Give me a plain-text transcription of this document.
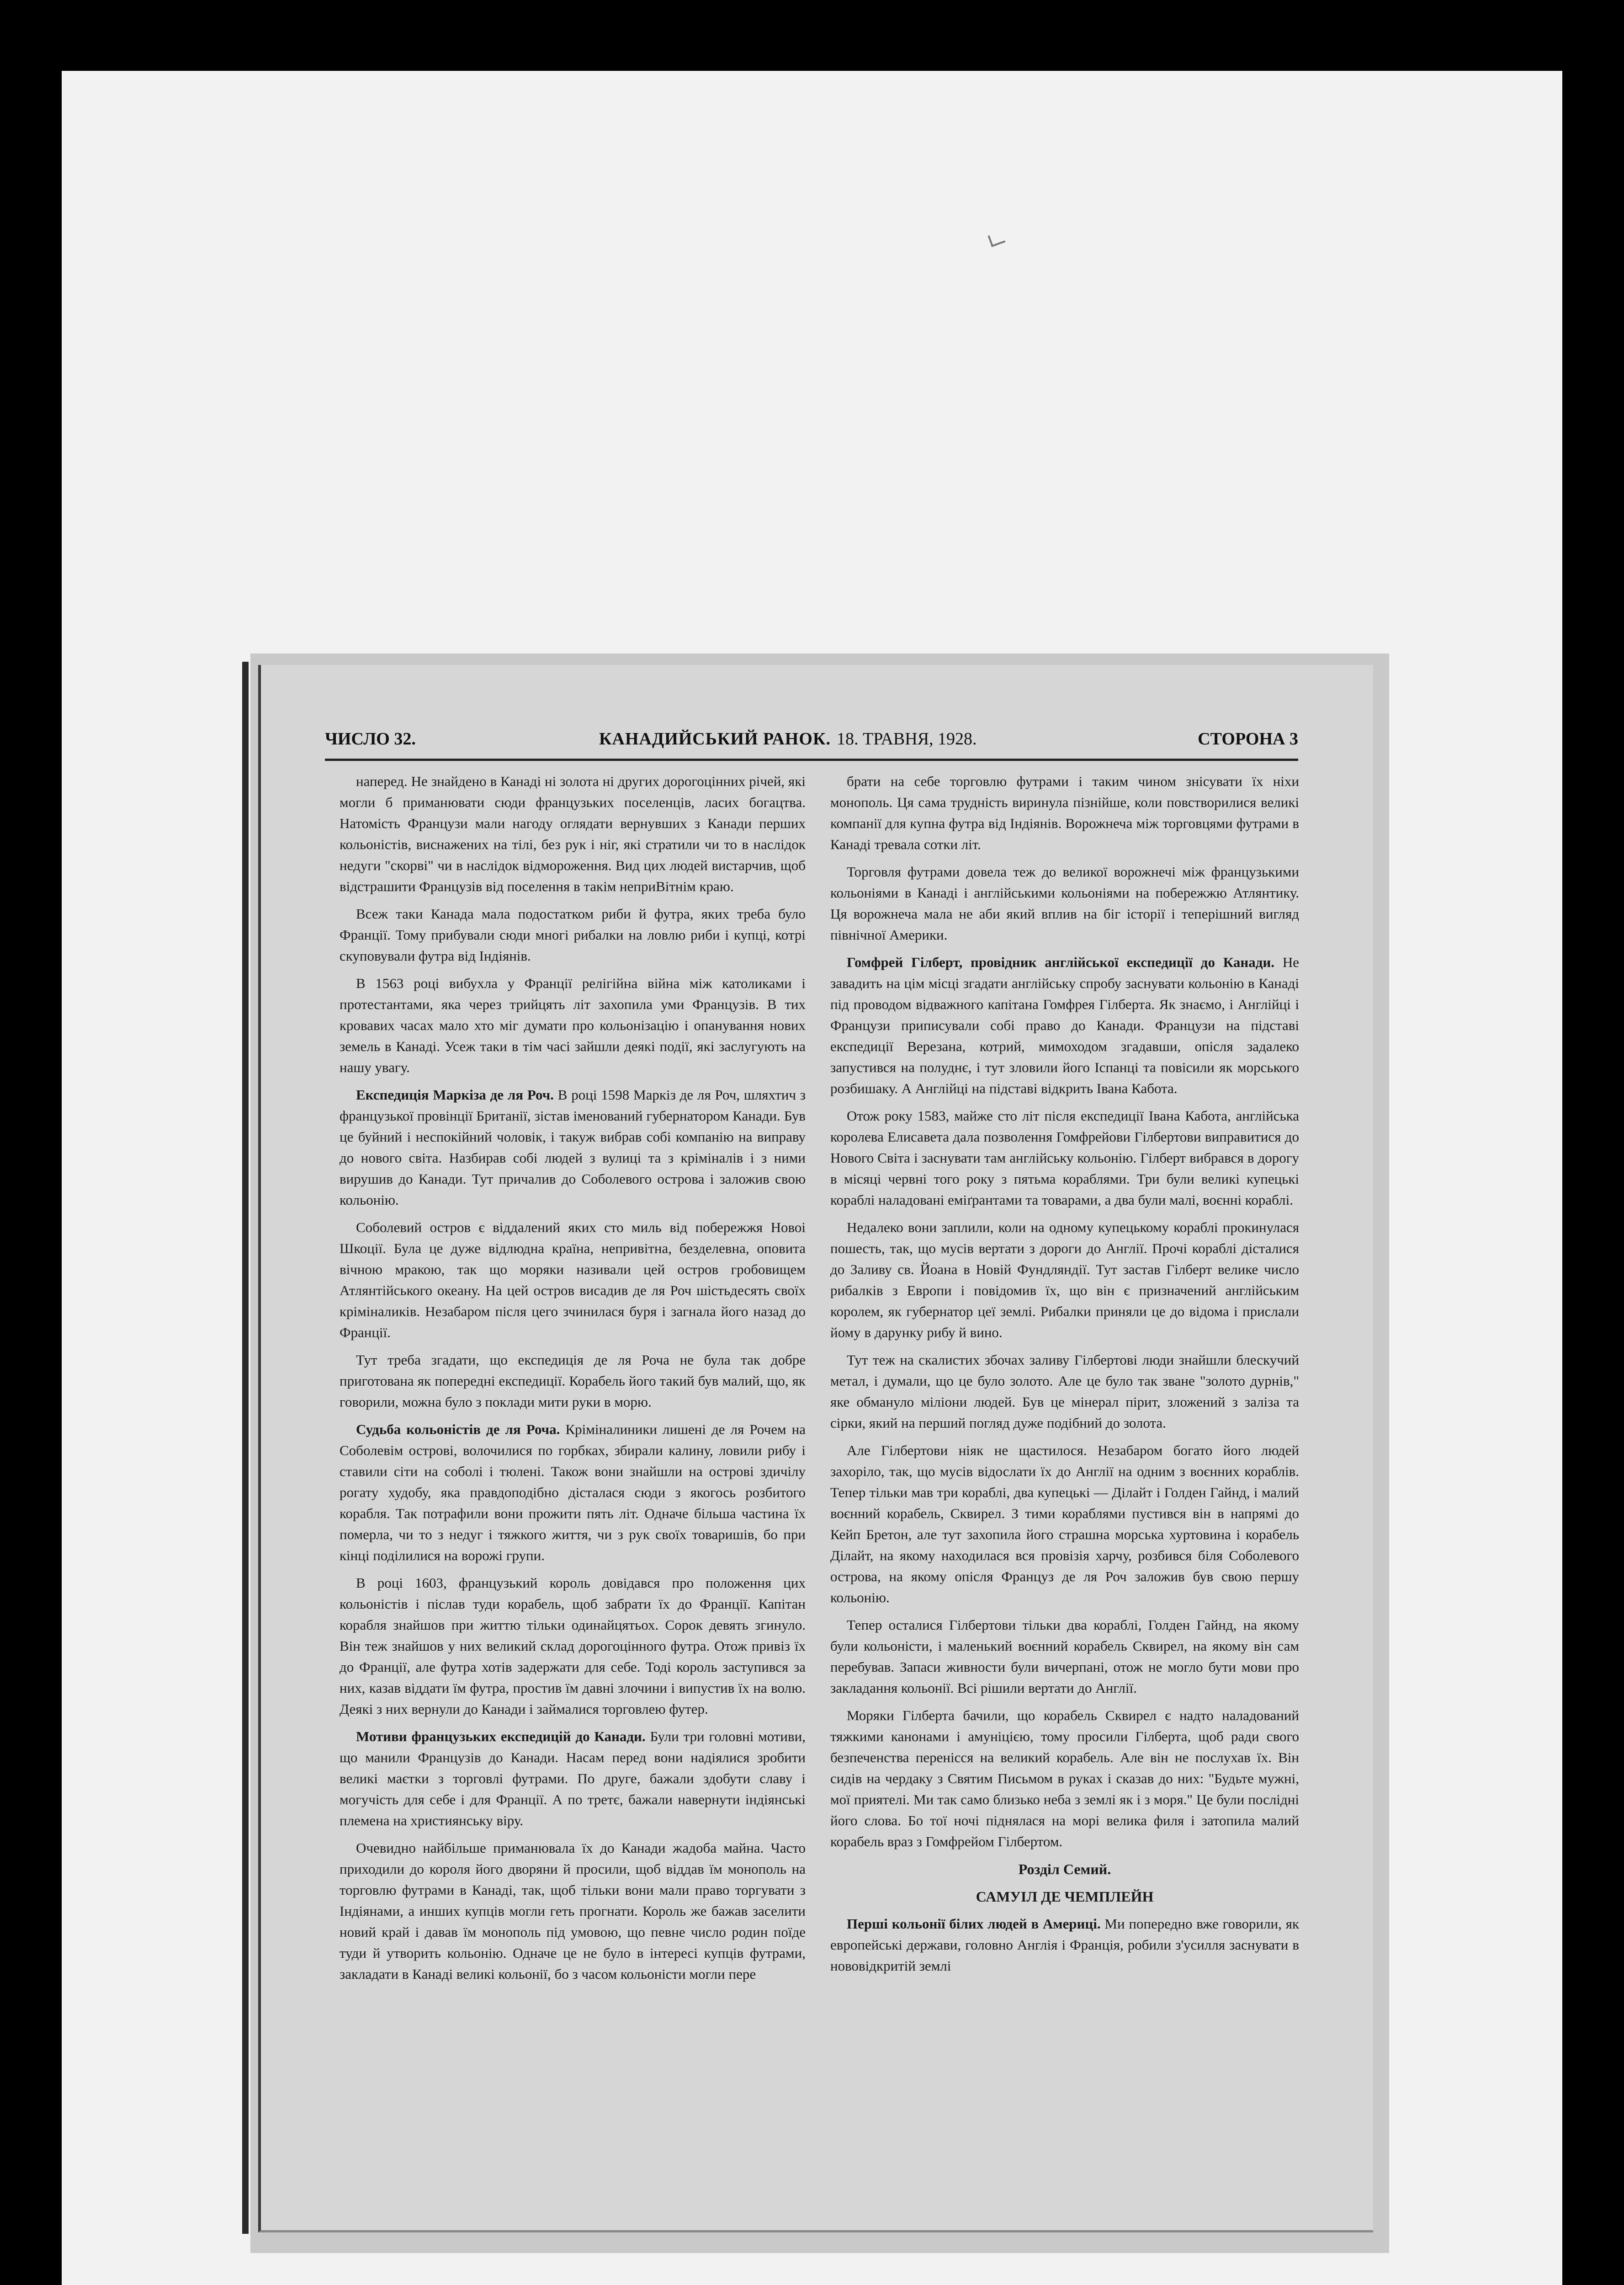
ЧИСЛО 32.	КАНАДИЙСЬКИЙ РАНОК. 18. ТРАВНЯ, 1928.	СТОРОНА 3

наперед. Не знайдено в Канаді ні золота ні других дорогоцінних річей, які могли б приманювати сюди французьких поселенців, ласих богацтва. Натомість Французи мали нагоду оглядати вернувших з Канади перших кольоністів, виснажених на тілі, без рук і ніг, які стратили чи то в наслідок недуги "скорві" чи в наслідок відмороження. Вид цих людей вистарчив, щоб відстрашити Французів від поселення в такім неприВітнім краю.

Всеж таки Канада мала подостатком риби й футра, яких треба було Франції. Тому прибували сюди многі рибалки на ловлю риби і купці, котрі скуповували футра від Індіянів.

В 1563 році вибухла у Франції релігійна війна між католиками і протестантами, яка через трийцять літ захопила уми Французів. В тих кровавих часах мало хто міг думати про кольонізацію і опанування нових земель в Канаді. Усеж таки в тім часі зайшли деякі події, які заслугують на нашу увагу.

Експедиція Маркіза де ля Роч. В році 1598 Маркіз де ля Роч, шляхтич з французької провінції Британії, зістав іменований губернатором Канади. Був це буйний і неспокійний чоловік, і такуж вибрав собі компанію на виправу до нового світа. Назбирав собі людей з вулиці та з кріміналів і з ними вирушив до Канади. Тут причалив до Соболевого острова і заложив свою кольонію.

Соболевий остров є віддалений яких сто миль від побережжя Новоі Шкоції. Була це дуже відлюдна країна, непривітна, безделевна, оповита вічною мракою, так що моряки називали цей остров гробовищем Атлянтійського океану. На цей остров висадив де ля Роч шістьдесять своїх кріміналиків. Незабаром після цего зчинилася буря і загнала його назад до Франції.

Тут треба згадати, що експедиція де ля Роча не була так добре приготована як попередні експедиції. Корабель його такий був малий, що, як говорили, можна було з поклади мити руки в морю.

Судьба кольоністів де ля Роча. Кріміналиники лишені де ля Рочем на Соболевім острові, волочилися по горбках, збирали калину, ловили рибу і ставили сіти на соболі і тюлені. Також вони знайшли на острові здичілу рогату худобу, яка правдоподібно дісталася сюди з якогось розбитого корабля. Так потрафили вони прожити пять літ. Одначе більша частина їх померла, чи то з недуг і тяжкого життя, чи з рук своїх товаришів, бо при кінці поділилися на ворожі групи.

В році 1603, французький король довідався про положення цих кольоністів і післав туди корабель, щоб забрати їх до Франції. Капітан корабля знайшов при життю тільки одинайцятьох. Сорок девять згинуло. Він теж знайшов у них великий склад дорогоцінного футра. Отож привіз їх до Франції, але футра хотів задержати для себе. Тоді король заступився за них, казав віддати їм футра, простив їм давні злочини і випустив їх на волю. Деякі з них вернули до Канади і займалися торговлею футер.

Мотиви французьких експедицій до Канади. Були три головні мотиви, що манили Французів до Канади. Насам перед вони надіялися зробити великі маєтки з торговлі футрами. По друге, бажали здобути славу і могучість для себе і для Франції. А по третє, бажали навернути індіянські племена на християнську віру.

Очевидно найбільше приманювала їх до Канади жадоба майна. Часто приходили до короля його дворяни й просили, щоб віддав їм монополь на торговлю футрами в Канаді, так, щоб тільки вони мали право торгувати з Індіянами, а инших купців могли геть прогнати. Король же бажав заселити новий край і давав їм монополь під умовою, що певне число родин поїде туди й утворить кольонію. Одначе це не було в інтересі купців футрами, закладати в Канаді великі кольонії, бо з часом кольоністи могли пере

брати на себе торговлю футрами і таким чином знісувати їх ніхи монополь. Ця сама трудність виринула пізнійше, коли повстворилися великі компанії для купна футра від Індіянів. Ворожнеча між торговцями футрами в Канаді тревала сотки літ.

Торговля футрами довела теж до великої ворожнечі між французькими кольоніями в Канаді і англійськими кольоніями на побережжю Атлянтику. Ця ворожнеча мала не аби який вплив на біг історії і теперішний вигляд північної Америки.

Гомфрей Гілберт, провідник англійської експедиції до Канади. Не завадить на цім місці згадати англійську спробу заснувати кольонію в Канаді під проводом відважного капітана Гомфрея Гілберта. Як знаємо, і Англійці і Французи приписували собі право до Канади. Французи на підставі експедиції Верезана, котрий, мимоходом згадавши, опісля задалеко запустився на полуднє, і тут зловили його Іспанці та повісили як морського розбишаку. А Англійці на підставі відкрить Івана Кабота.

Отож року 1583, майже сто літ після експедиції Івана Кабота, англійська королева Елисавета дала позволення Гомфрейови Гілбертови виправитися до Нового Світа і заснувати там англійську кольонію. Гілберт вибрався в дорогу в місяці червні того року з пятьма кораблями. Три були великі купецькі кораблі наладовані еміґрантами та товарами, а два були малі, воєнні кораблі.

Недалеко вони заплили, коли на одному купецькому кораблі прокинулася пошесть, так, що мусів вертати з дороги до Англії. Прочі кораблі дісталися до Заливу св. Йоана в Новій Фундляндії. Тут застав Гілберт велике число рибалків з Европи і повідомив їх, що він є призначений англійським королем, як губернатор цеї землі. Рибалки приняли це до відома і прислали йому в дарунку рибу й вино.

Тут теж на скалистих збочах заливу Гілбертові люди знайшли блескучий метал, і думали, що це було золото. Але це було так зване "золото дурнів," яке обмануло міліони людей. Був це мінерал пірит, зложений з заліза та сірки, який на перший погляд дуже подібний до золота.

Але Гілбертови ніяк не щастилося. Незабаром богато його людей захоріло, так, що мусів відослати їх до Англії на одним з воєнних кораблів. Тепер тільки мав три кораблі, два купецькі — Ділайт і Голден Гайнд, і малий воєнний корабель, Сквирел. З тими кораблями пустився він в напрямі до Кейп Бретон, але тут захопила його страшна морська хуртовина і корабель Ділайт, на якому находилася вся провізія харчу, розбився біля Соболевого острова, на якому опісля Француз де ля Роч заложив був свою першу кольонію.

Тепер осталися Гілбертови тільки два кораблі, Голден Гайнд, на якому були кольоністи, і маленький воєнний корабель Сквирел, на якому він сам перебував. Запаси живности були вичерпані, отож не могло бути мови про закладання кольонії. Всі рішили вертати до Англії.

Моряки Гілберта бачили, що корабель Сквирел є надто наладований тяжкими канонами і амуніцією, тому просили Гілберта, щоб ради свого безпеченства перенісся на великий корабель. Але він не послухав їх. Він сидів на чердаку з Святим Письмом в руках і сказав до них: "Будьте мужні, мої приятелі. Ми так само близько неба з землі як і з моря." Це були послідні його слова. Бо тої ночі піднялася на морі велика филя і затопила малий корабель враз з Гомфрейом Гілбертом.

Розділ Семий.
САМУІЛ ДЕ ЧЕМПЛЕЙН

Перші кольонії білих людей в Америці. Ми попередно вже говорили, як европейські держави, головно Англія і Франція, робили з'усилля заснувати в нововідкритій землі
